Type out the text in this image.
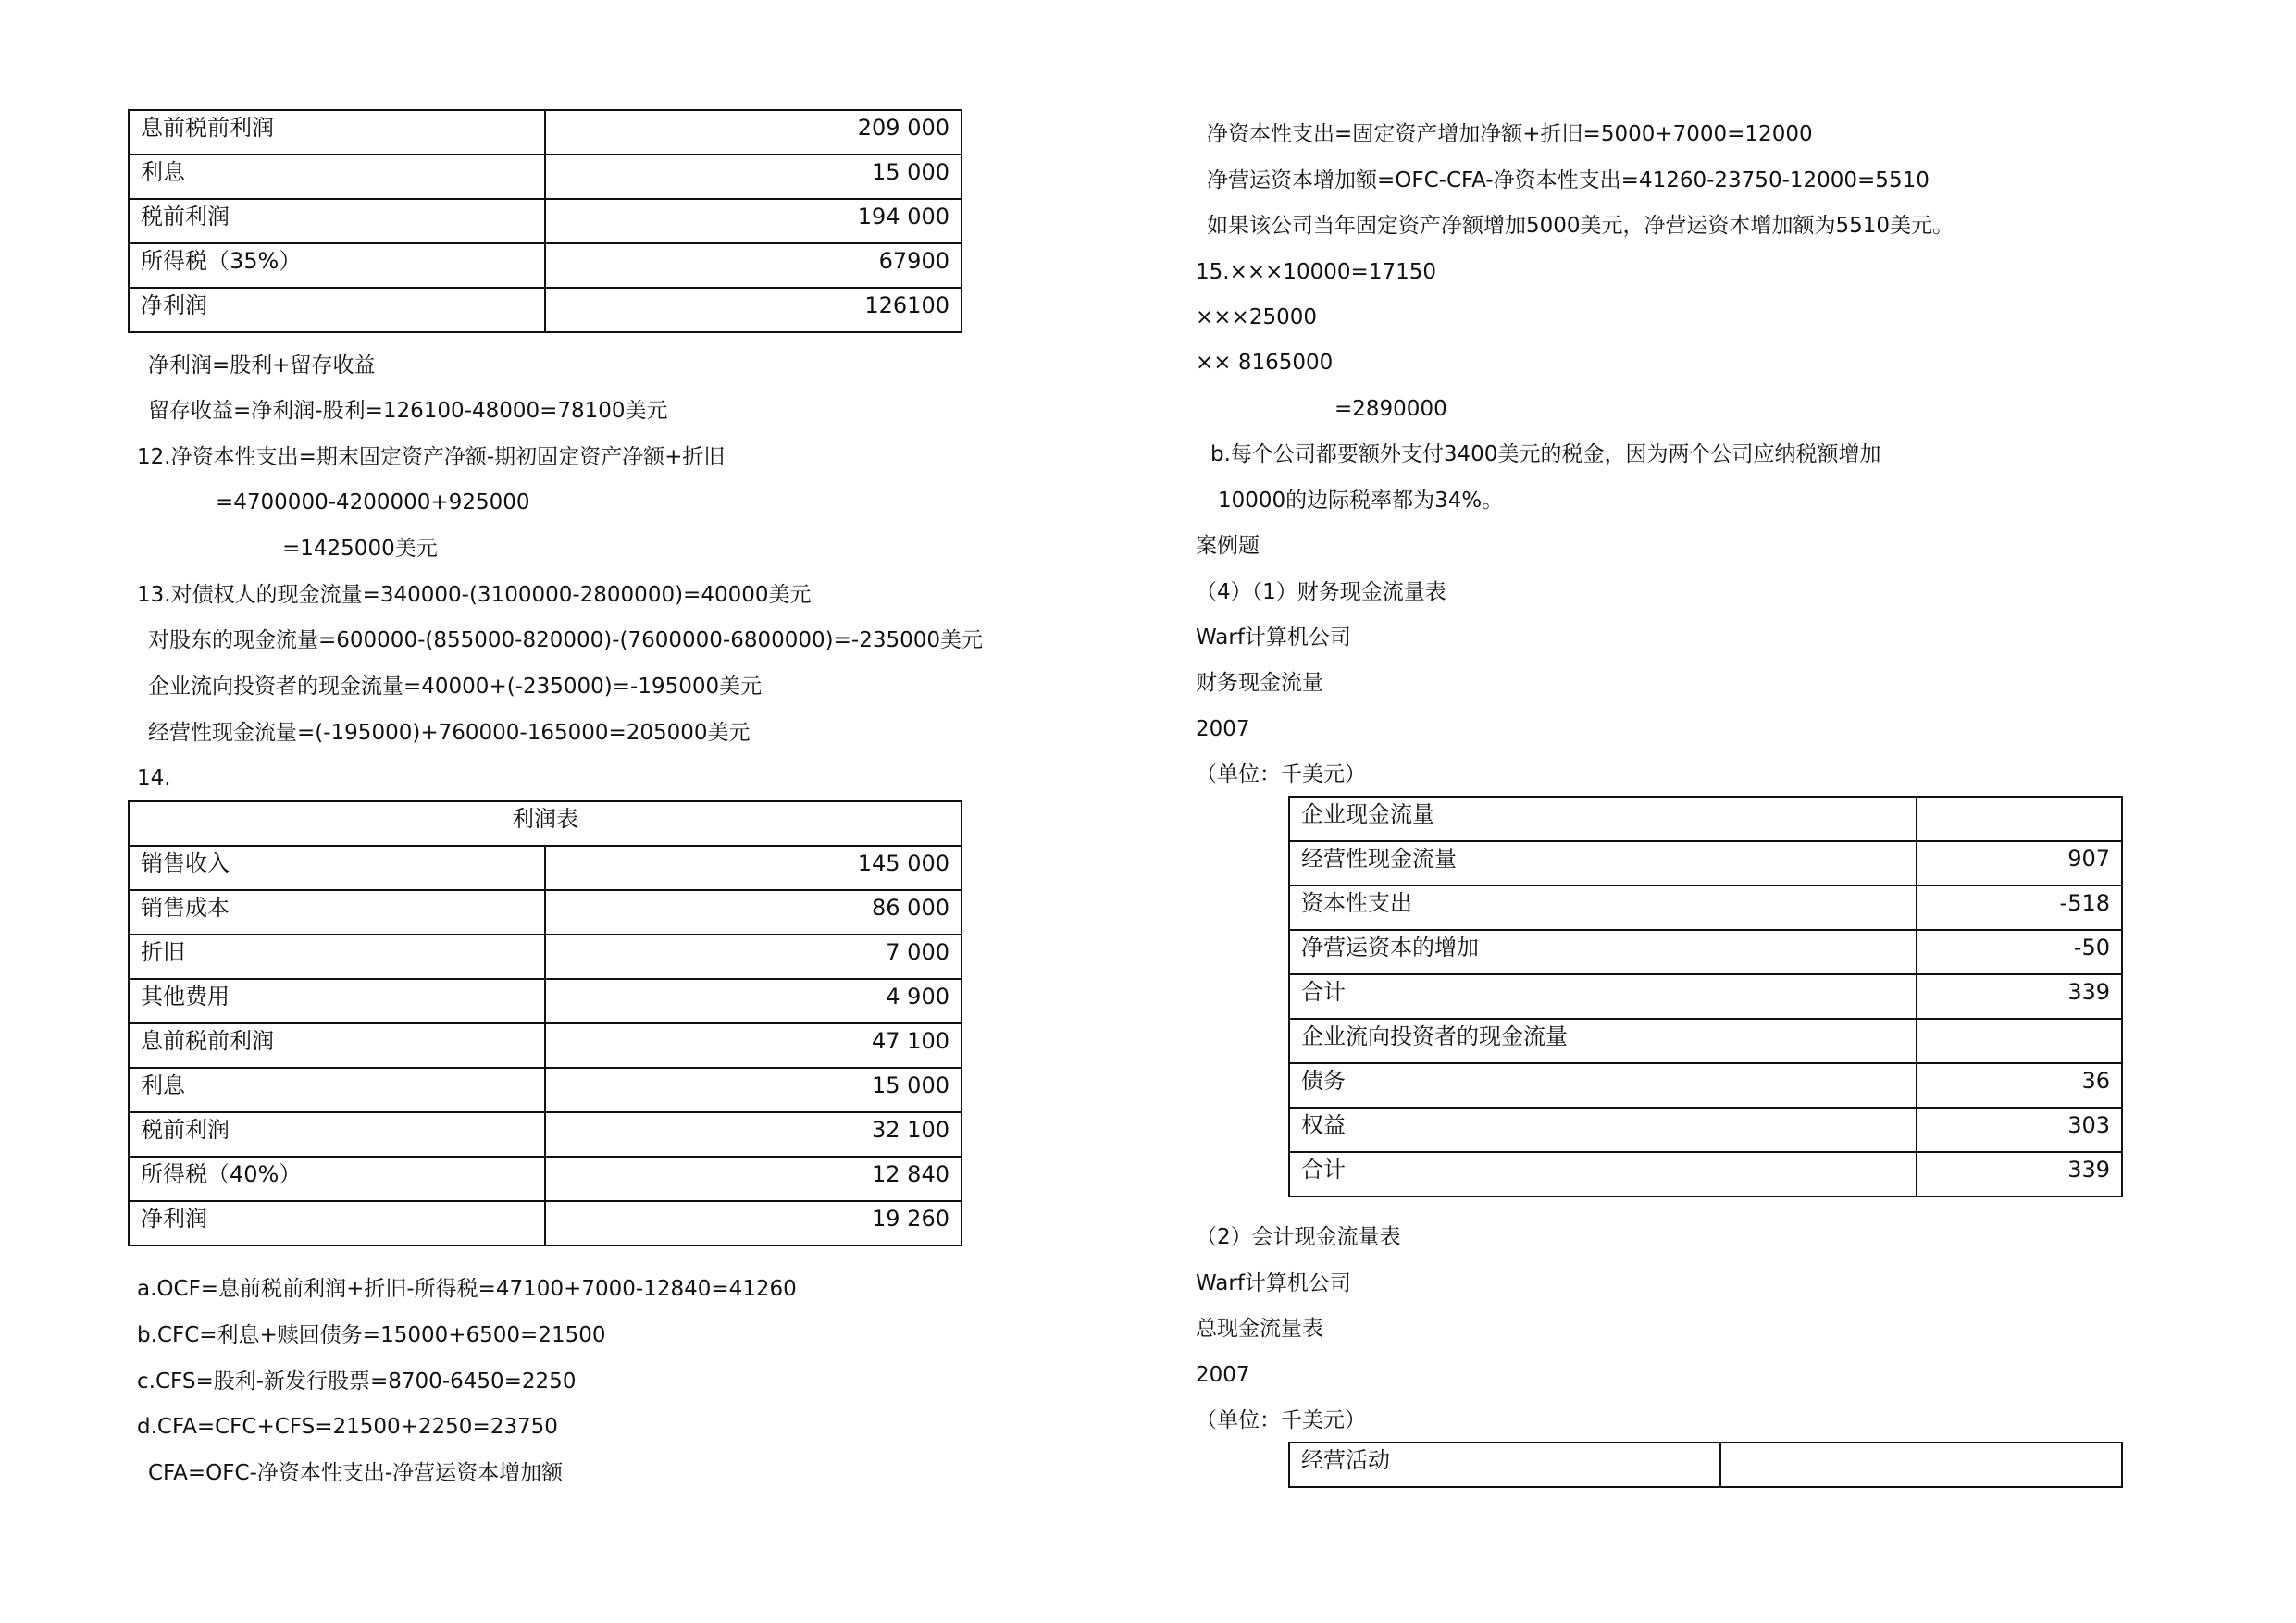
息前税前利润	209 000
利息	15 000
税前利润	194 000
所得税（35%）	67900
净利润	126100
净利润=股利+留存收益
留存收益=净利润-股利=126100-48000=78100美元
12.净资本性支出=期末固定资产净额-期初固定资产净额+折旧
=4700000-4200000+925000
=1425000美元
13.对债权人的现金流量=340000-(3100000-2800000)=40000美元
对股东的现金流量=600000-(855000-820000)-(7600000-6800000)=-235000美元
企业流向投资者的现金流量=40000+(-235000)=-195000美元
经营性现金流量=(-195000)+760000-165000=205000美元
14.
利润表	
销售收入	145 000
销售成本	86 000
折旧	7 000
其他费用	4 900
息前税前利润	47 100
利息	15 000
税前利润	32 100
所得税（40%）	12 840
净利润	19 260
a.OCF=息前税前利润+折旧-所得税=47100+7000-12840=41260
b.CFC=利息+赎回债务=15000+6500=21500
c.CFS=股利-新发行股票=8700-6450=2250
d.CFA=CFC+CFS=21500+2250=23750
CFA=OFC-净资本性支出-净营运资本增加额
净资本性支出=固定资产增加净额+折旧=5000+7000=12000
净营运资本增加额=OFC-CFA-净资本性支出=41260-23750-12000=5510
如果该公司当年固定资产净额增加5000美元，净营运资本增加额为5510美元。
15.×××10000=17150
×××25000
×× 8165000
=2890000
b.每个公司都要额外支付3400美元的税金，因为两个公司应纳税额增加
10000的边际税率都为34%。
案例题
（4）（1）财务现金流量表
Warf计算机公司
财务现金流量
2007
（单位：千美元）
企业现金流量	
经营性现金流量	907
资本性支出	-518
净营运资本的增加	-50
合计	339
企业流向投资者的现金流量	
债务	36
权益	303
合计	339
（2）会计现金流量表
Warf计算机公司
总现金流量表
2007
（单位：千美元）
经营活动	
